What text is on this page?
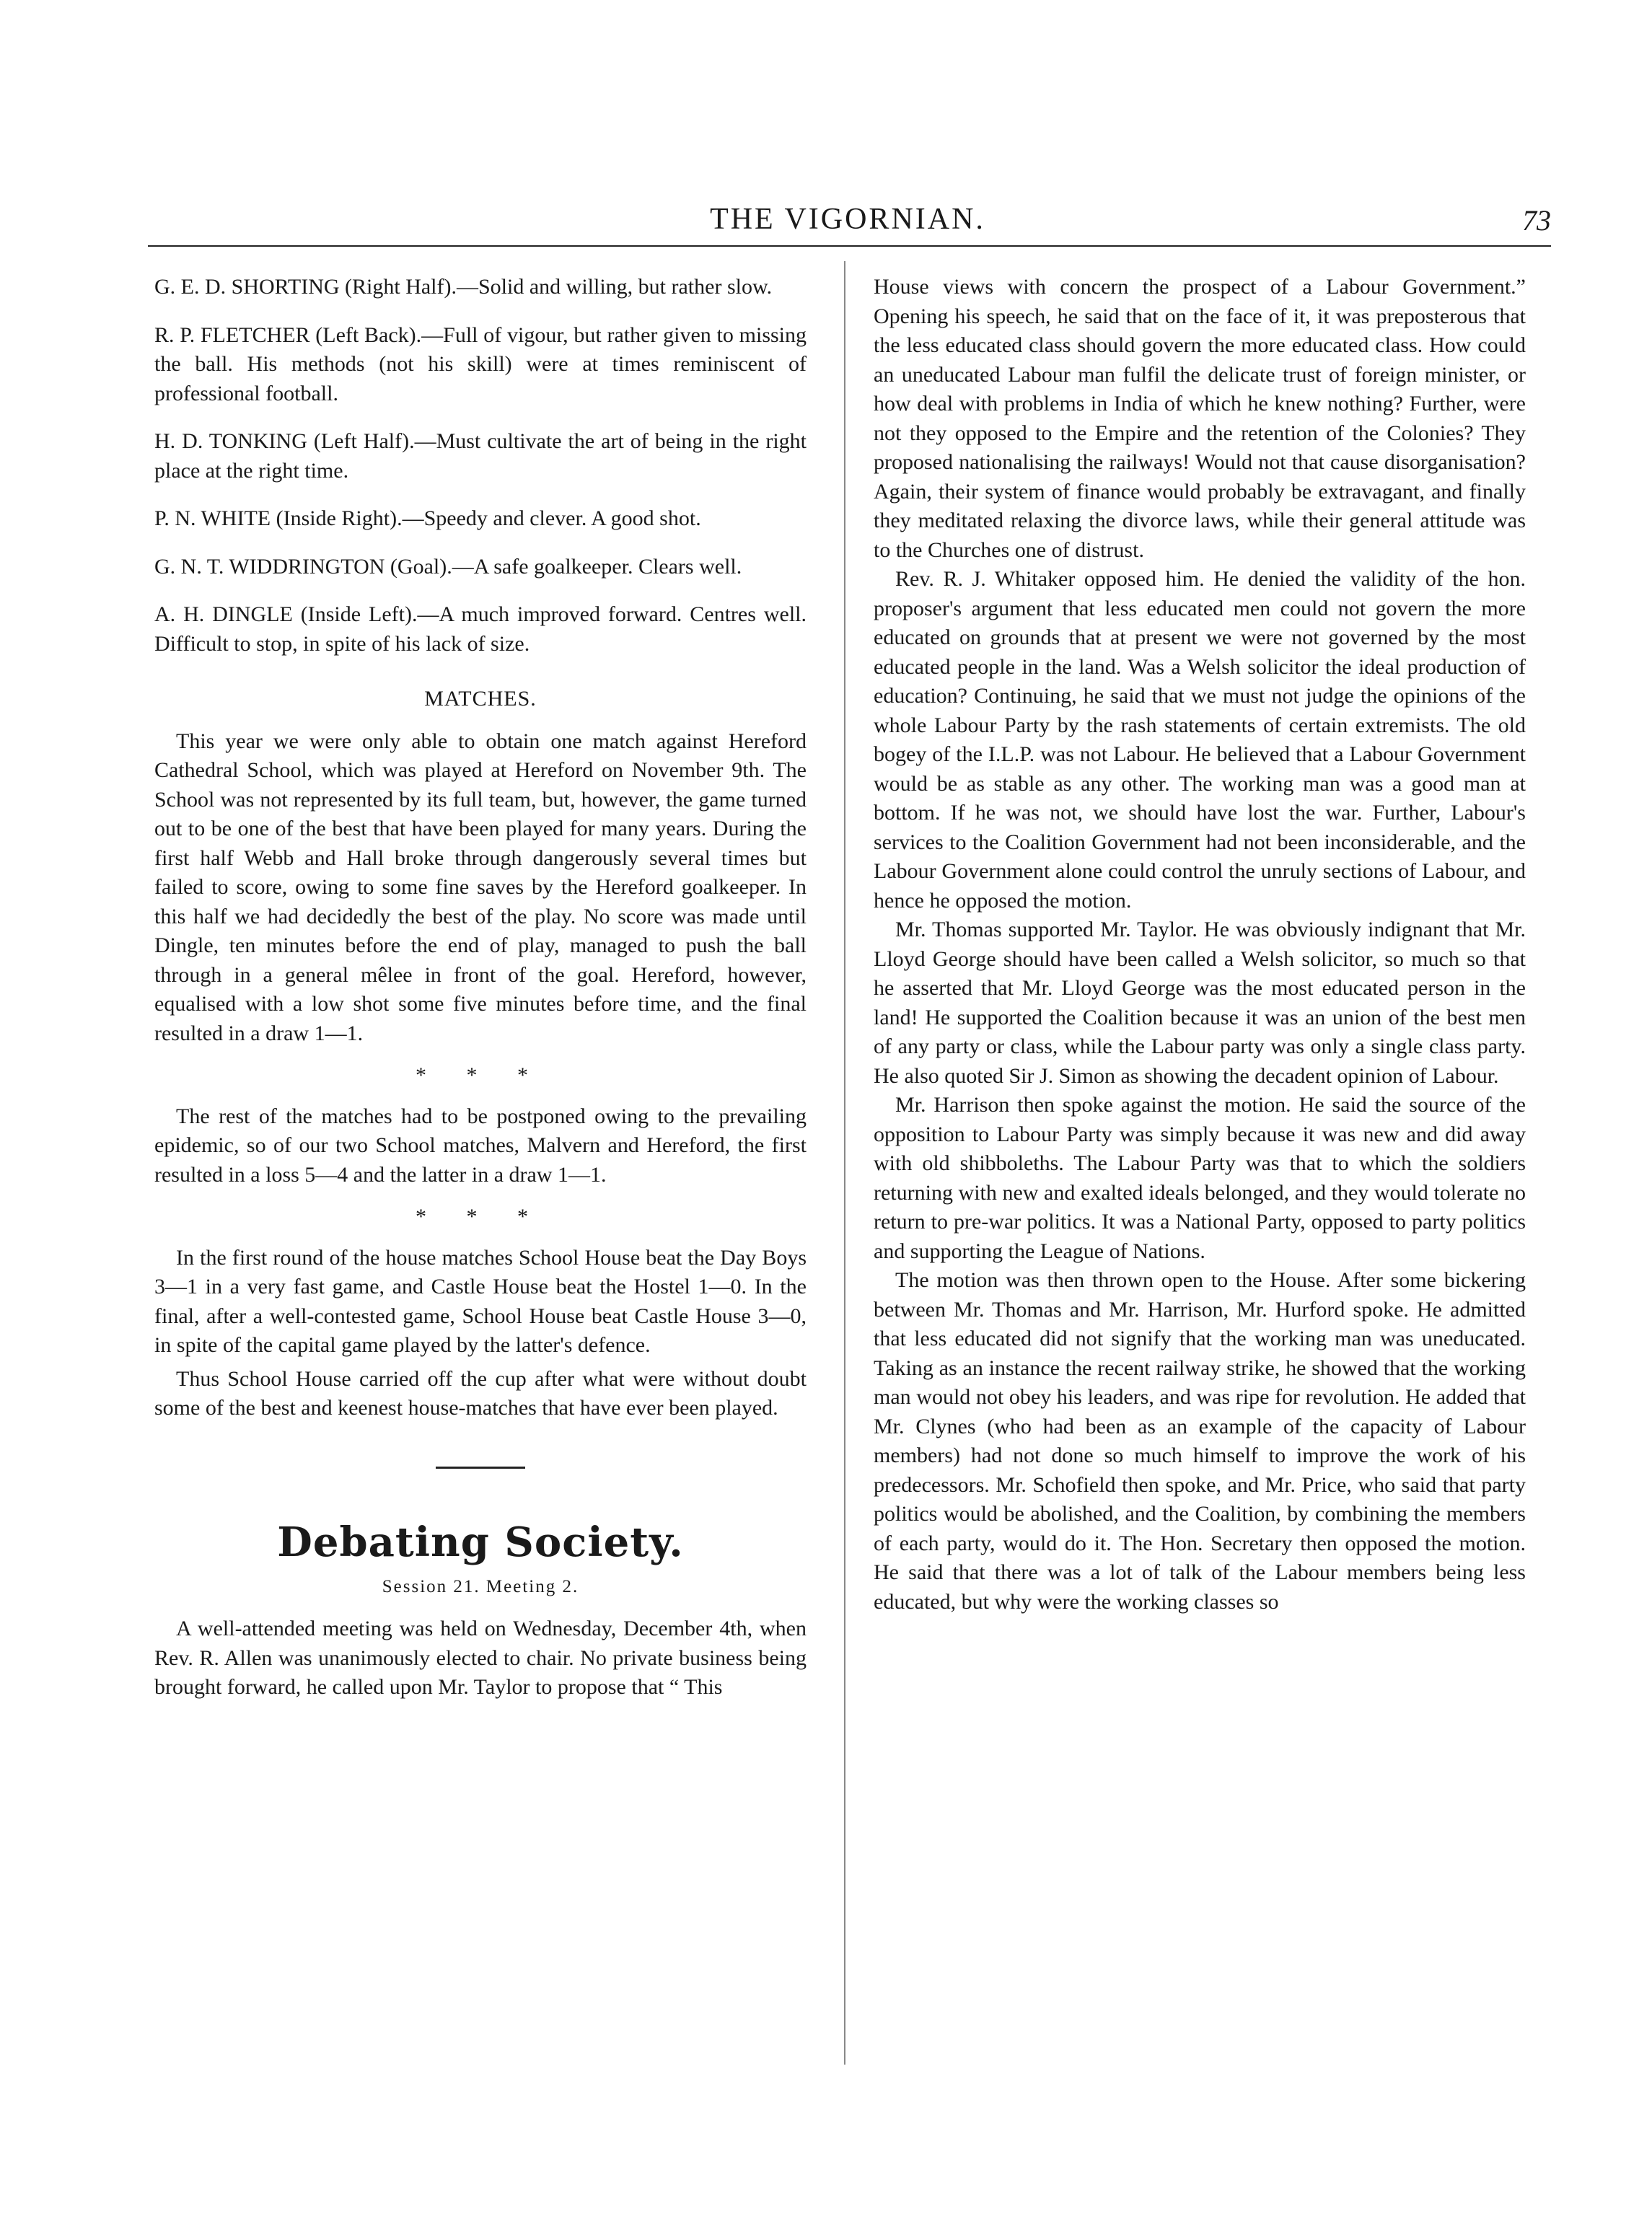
THE VIGORNIAN.	73

G. E. D. SHORTING (Right Half).—Solid and willing, but rather slow.

R. P. FLETCHER (Left Back).—Full of vigour, but rather given to missing the ball. His methods (not his skill) were at times reminiscent of professional football.

H. D. TONKING (Left Half).—Must cultivate the art of being in the right place at the right time.

P. N. WHITE (Inside Right).—Speedy and clever. A good shot.

G. N. T. WIDDRINGTON (Goal).—A safe goalkeeper. Clears well.

A. H. DINGLE (Inside Left).—A much improved forward. Centres well. Difficult to stop, in spite of his lack of size.

MATCHES.

This year we were only able to obtain one match against Hereford Cathedral School, which was played at Hereford on November 9th. The School was not represented by its full team, but, however, the game turned out to be one of the best that have been played for many years. During the first half Webb and Hall broke through dangerously several times but failed to score, owing to some fine saves by the Hereford goalkeeper. In this half we had decidedly the best of the play. No score was made until Dingle, ten minutes before the end of play, managed to push the ball through in a general mêlee in front of the goal. Hereford, however, equalised with a low shot some five minutes before time, and the final resulted in a draw 1—1.

* * *

The rest of the matches had to be postponed owing to the prevailing epidemic, so of our two School matches, Malvern and Hereford, the first resulted in a loss 5—4 and the latter in a draw 1—1.

* * *

In the first round of the house matches School House beat the Day Boys 3—1 in a very fast game, and Castle House beat the Hostel 1—0. In the final, after a well-contested game, School House beat Castle House 3—0, in spite of the capital game played by the latter's defence.

Thus School House carried off the cup after what were without doubt some of the best and keenest house-matches that have ever been played.

Debating Society.
Session 21. Meeting 2.

A well-attended meeting was held on Wednesday, December 4th, when Rev. R. Allen was unanimously elected to chair. No private business being brought forward, he called upon Mr. Taylor to propose that “ This

House views with concern the prospect of a Labour Government.” Opening his speech, he said that on the face of it, it was preposterous that the less educated class should govern the more educated class. How could an uneducated Labour man fulfil the delicate trust of foreign minister, or how deal with problems in India of which he knew nothing? Further, were not they opposed to the Empire and the retention of the Colonies? They proposed nationalising the railways! Would not that cause disorganisation? Again, their system of finance would probably be extravagant, and finally they meditated relaxing the divorce laws, while their general attitude was to the Churches one of distrust.

Rev. R. J. Whitaker opposed him. He denied the validity of the hon. proposer's argument that less educated men could not govern the more educated on grounds that at present we were not governed by the most educated people in the land. Was a Welsh solicitor the ideal production of education? Continuing, he said that we must not judge the opinions of the whole Labour Party by the rash statements of certain extremists. The old bogey of the I.L.P. was not Labour. He believed that a Labour Government would be as stable as any other. The working man was a good man at bottom. If he was not, we should have lost the war. Further, Labour's services to the Coalition Government had not been inconsiderable, and the Labour Government alone could control the unruly sections of Labour, and hence he opposed the motion.

Mr. Thomas supported Mr. Taylor. He was obviously indignant that Mr. Lloyd George should have been called a Welsh solicitor, so much so that he asserted that Mr. Lloyd George was the most educated person in the land! He supported the Coalition because it was an union of the best men of any party or class, while the Labour party was only a single class party. He also quoted Sir J. Simon as showing the decadent opinion of Labour.

Mr. Harrison then spoke against the motion. He said the source of the opposition to Labour Party was simply because it was new and did away with old shibboleths. The Labour Party was that to which the soldiers returning with new and exalted ideals belonged, and they would tolerate no return to pre-war politics. It was a National Party, opposed to party politics and supporting the League of Nations.

The motion was then thrown open to the House. After some bickering between Mr. Thomas and Mr. Harrison, Mr. Hurford spoke. He admitted that less educated did not signify that the working man was uneducated. Taking as an instance the recent railway strike, he showed that the working man would not obey his leaders, and was ripe for revolution. He added that Mr. Clynes (who had been as an example of the capacity of Labour members) had not done so much himself to improve the work of his predecessors. Mr. Schofield then spoke, and Mr. Price, who said that party politics would be abolished, and the Coalition, by combining the members of each party, would do it. The Hon. Secretary then opposed the motion. He said that there was a lot of talk of the Labour members being less educated, but why were the working classes so
